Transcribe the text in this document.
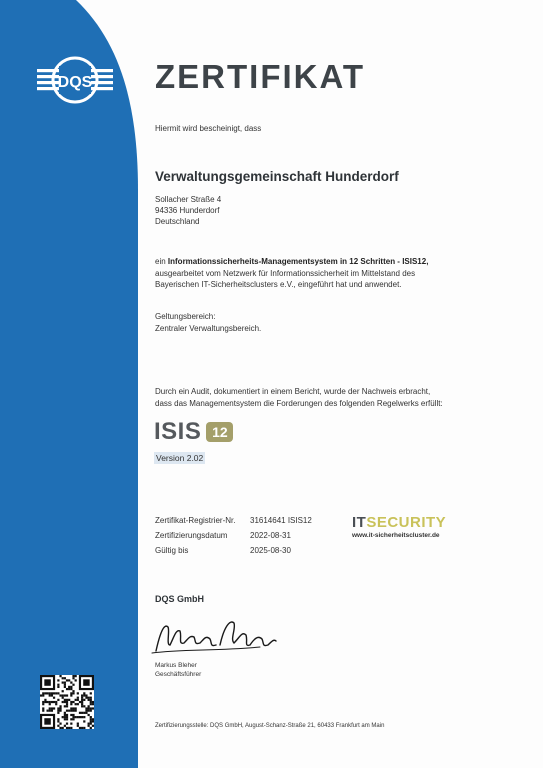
DQS ZERTIFIKAT
Hiermit wird bescheinigt, dass
Verwaltungsgemeinschaft Hunderdorf
Sollacher Straße 4
94336 Hunderdorf
Deutschland
ein Informationssicherheits-Managementsystem in 12 Schritten - ISIS12,
ausgearbeitet vom Netzwerk für Informationssicherheit im Mittelstand des
Bayerischen IT-Sicherheitsclusters e.V., eingeführt hat und anwendet.
Geltungsbereich:
Zentraler Verwaltungsbereich.
Durch ein Audit, dokumentiert in einem Bericht, wurde der Nachweis erbracht,
dass das Managementsystem die Forderungen des folgenden Regelwerks erfüllt:
ISIS 12
Version 2.02
Zertifikat-Registrier-Nr.	31614641 ISIS12
Zertifizierungsdatum	2022-08-31
Gültig bis	2025-08-30
ITSECURITY
www.it-sicherheitscluster.de
DQS GmbH
Markus Bleher
Geschäftsführer
Zertifizierungsstelle: DQS GmbH, August-Schanz-Straße 21, 60433 Frankfurt am Main
